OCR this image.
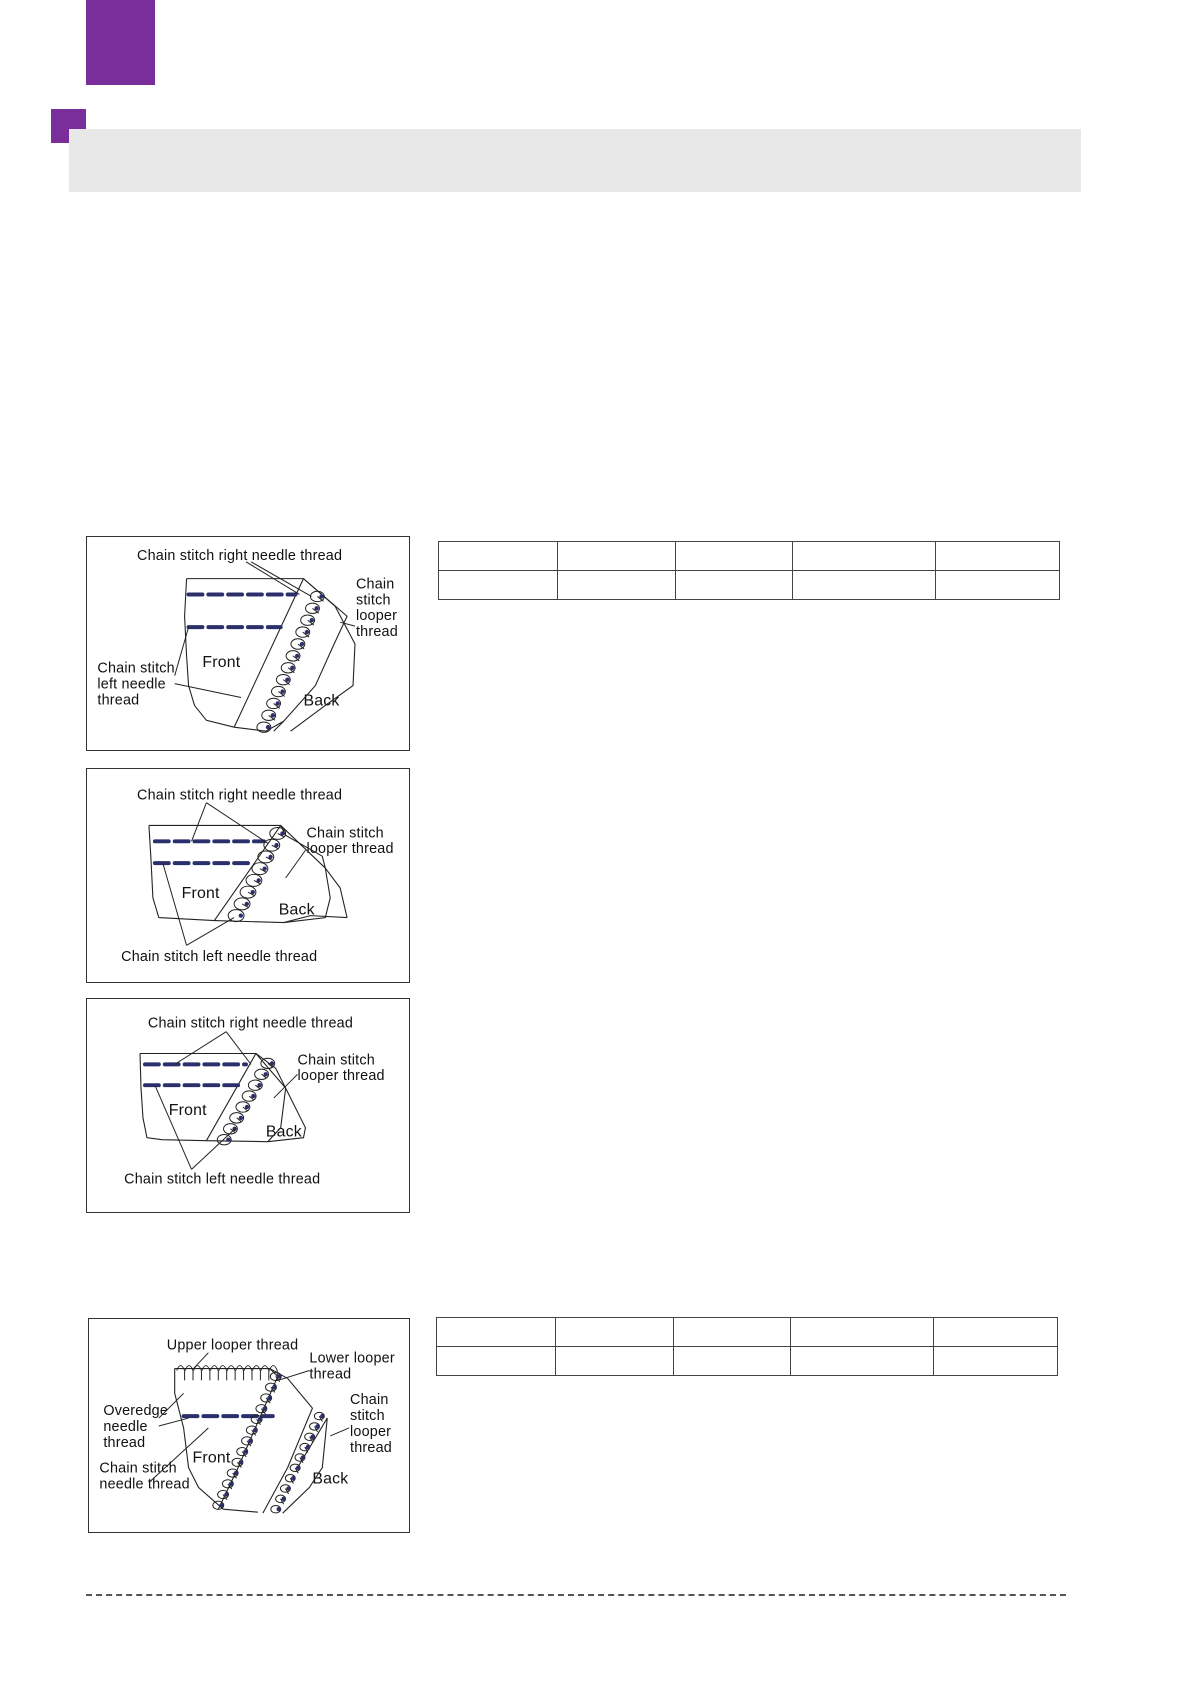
Chain stitch right needle thread
Chain
stitch
looper
thread
Chain stitch
left needle
thread
Front
Back
Chain stitch right needle thread
Chain stitch
looper thread
Chain stitch left needle thread
Front
Back
Chain stitch right needle thread
Chain stitch
looper thread
Chain stitch left needle thread
Front
Back
Upper looper thread
Lower looper
thread
Overedge
needle
thread
Chain
stitch
looper
thread
Chain stitch
needle thread
Front
Back
